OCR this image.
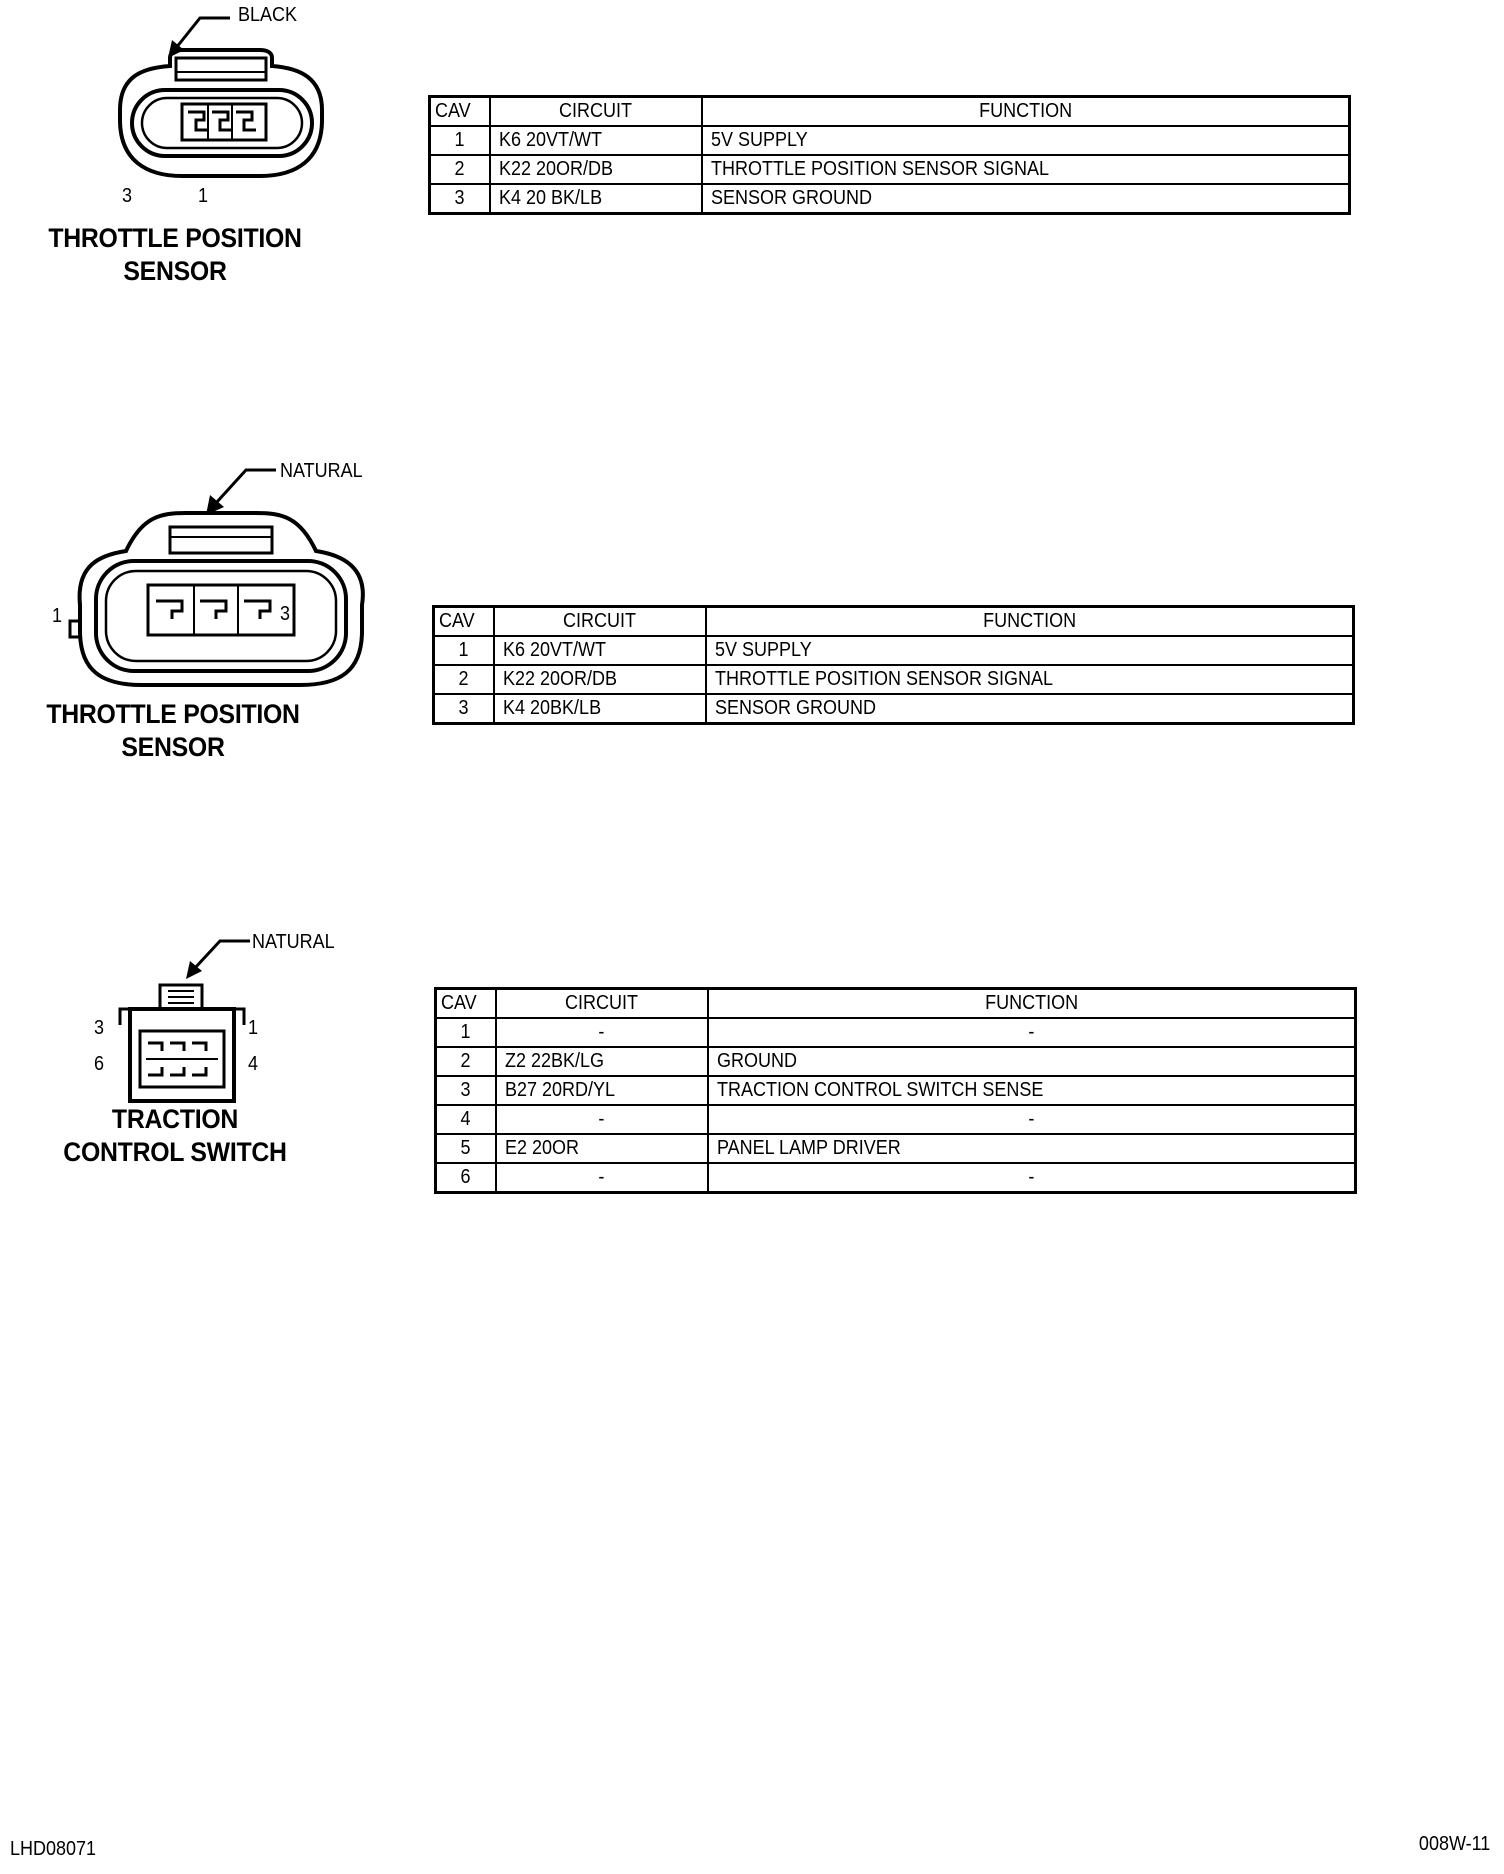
BLACK
3	1
THROTTLE POSITION
SENSOR
CAV	CIRCUIT	FUNCTION
1	K6 20VT/WT	5V SUPPLY
2	K22 20OR/DB	THROTTLE POSITION SENSOR SIGNAL
3	K4 20 BK/LB	SENSOR GROUND
NATURAL
1	3
THROTTLE POSITION
SENSOR
CAV	CIRCUIT	FUNCTION
1	K6 20VT/WT	5V SUPPLY
2	K22 20OR/DB	THROTTLE POSITION SENSOR SIGNAL
3	K4 20BK/LB	SENSOR GROUND
NATURAL
3	1
6	4
TRACTION
CONTROL SWITCH
CAV	CIRCUIT	FUNCTION
1	-	-
2	Z2 22BK/LG	GROUND
3	B27 20RD/YL	TRACTION CONTROL SWITCH SENSE
4	-	-
5	E2 20OR	PANEL LAMP DRIVER
6	-	-
LHD08071	008W-11
